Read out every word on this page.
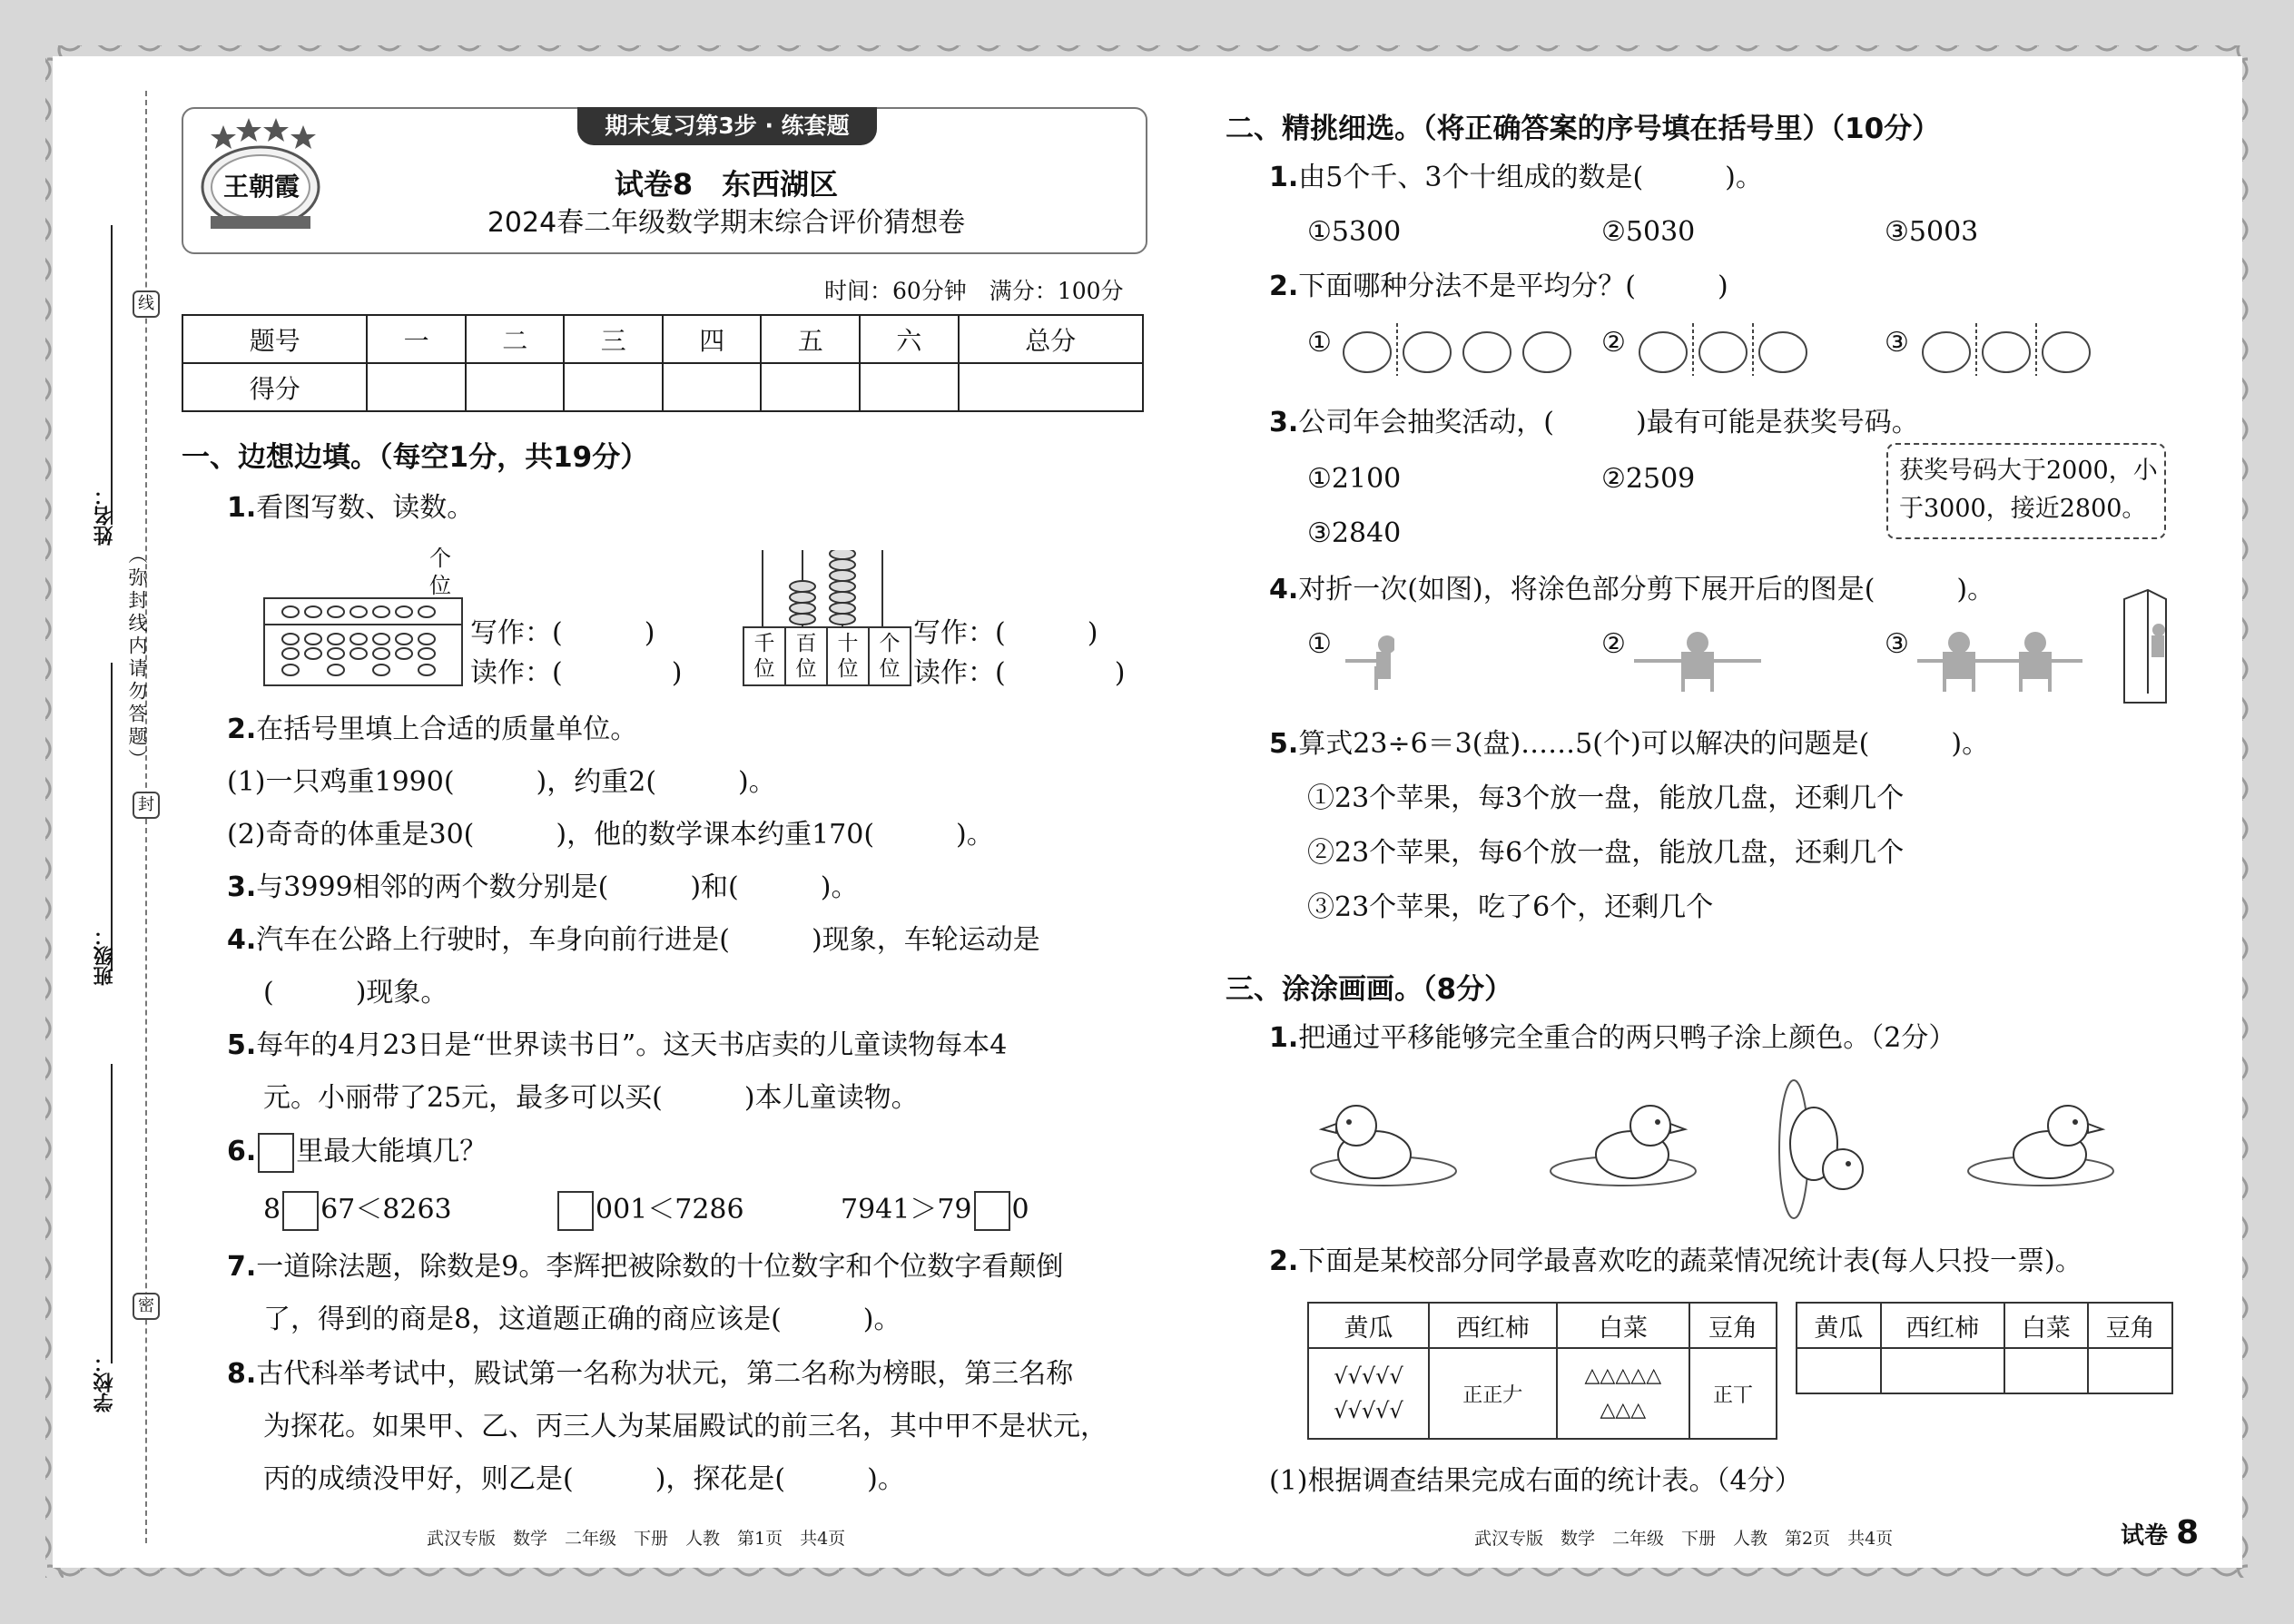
线
封
密
（弥封线内请勿答题）
姓名：
班级：
学校：
期末复习第3步 · 练套题
王朝霞	试卷8　东西湖区
2024春二年级数学期末综合评价猜想卷
时间：60分钟　满分：100分
题号	一	二	三	四	五	六	总分
得分							
一、边想边填。（每空1分，共19分）
1.看图写数、读数。
个位
写作：(　　　)
读作：(　　　　)
千位	百位	十位	个位
写作：(　　　)
读作：(　　　　)
2.在括号里填上合适的质量单位。
(1)一只鸡重1990(　　　)，约重2(　　　)。
(2)奇奇的体重是30(　　　)，他的数学课本约重170(　　　)。
3.与3999相邻的两个数分别是(　　　)和(　　　)。
4.汽车在公路上行驶时，车身向前行进是(　　　)现象，车轮运动是
(　　　)现象。
5.每年的4月23日是“世界读书日”。这天书店卖的儿童读物每本4
元。小丽带了25元，最多可以买(　　　)本儿童读物。
6. 里最大能填几？
8 67＜8263	001＜7286	7941＞79 0
7.一道除法题，除数是9。李辉把被除数的十位数字和个位数字看颠倒
了，得到的商是8，这道题正确的商应该是(　　　)。
8.古代科举考试中，殿试第一名称为状元，第二名称为榜眼，第三名称
为探花。如果甲、乙、丙三人为某届殿试的前三名，其中甲不是状元，
丙的成绩没甲好，则乙是(　　　)，探花是(　　　)。
武汉专版　数学　二年级　下册　人教　第1页　共4页
二、精挑细选。（将正确答案的序号填在括号里）（10分）
1.由5个千、3个十组成的数是(　　　)。
①5300	②5030	③5003
2.下面哪种分法不是平均分？(　　　)
①	②	③
3.公司年会抽奖活动，(　　　)最有可能是获奖号码。
①2100	②2509
③2840
获奖号码大于2000，小
于3000，接近2800。
4.对折一次(如图)，将涂色部分剪下展开后的图是(　　　)。
①	②	③
5.算式23÷6＝3(盘)……5(个)可以解决的问题是(　　　)。
①23个苹果，每3个放一盘，能放几盘，还剩几个
②23个苹果，每6个放一盘，能放几盘，还剩几个
③23个苹果，吃了6个，还剩几个
三、涂涂画画。（8分）
1.把通过平移能够完全重合的两只鸭子涂上颜色。（2分）
2.下面是某校部分同学最喜欢吃的蔬菜情况统计表(每人只投一票)。
黄瓜	西红柿	白菜	豆角
√√√√√
√√√√√	正正𠂇	△△△△△
△△△	正丅
黄瓜	西红柿	白菜	豆角

(1)根据调查结果完成右面的统计表。（4分）
武汉专版　数学　二年级　下册　人教　第2页　共4页	试卷 8
